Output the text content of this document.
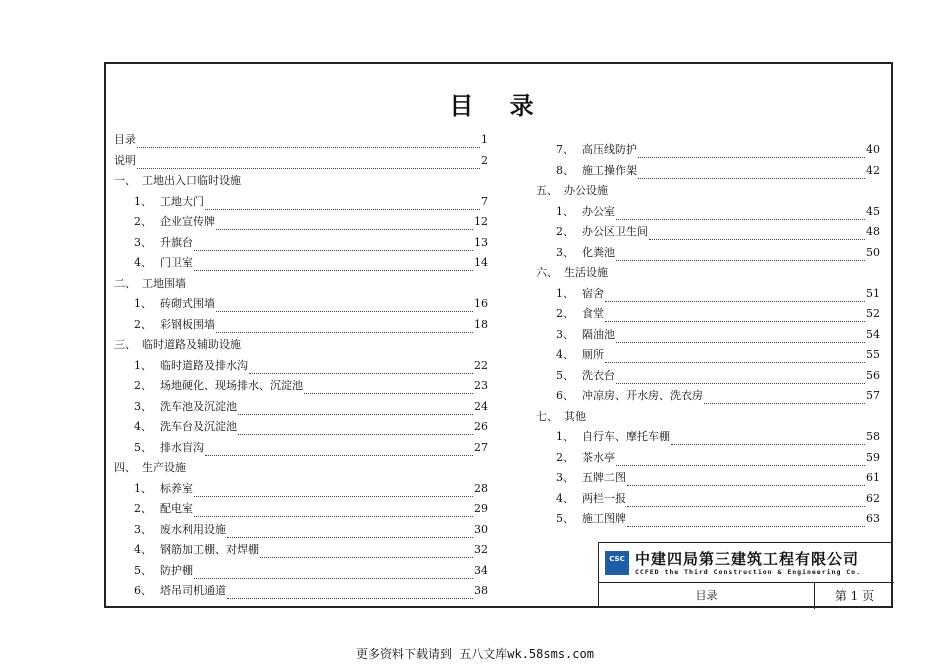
目 录
目录	1
说明	2
一、 工地出入口临时设施
1、 工地大门	7
2、 企业宣传牌	12
3、 升旗台	13
4、 门卫室	14
二、 工地围墙
1、 砖砌式围墙	16
2、 彩钢板围墙	18
三、 临时道路及辅助设施
1、 临时道路及排水沟	22
2、 场地硬化、现场排水、沉淀池	23
3、 洗车池及沉淀池	24
4、 洗车台及沉淀池	26
5、 排水盲沟	27
四、 生产设施
1、 标养室	28
2、 配电室	29
3、 废水利用设施	30
4、 钢筋加工棚、对焊棚	32
5、 防护棚	34
6、 塔吊司机通道	38
7、 高压线防护	40
8、 施工操作架	42
五、 办公设施
1、 办公室	45
2、 办公区卫生间	48
3、 化粪池	50
六、 生活设施
1、 宿舍	51
2、 食堂	52
3、 隔油池	54
4、 厕所	55
5、 洗衣台	56
6、 冲凉房、开水房、洗衣房	57
七、 其他
1、 自行车、摩托车棚	58
2、 茶水亭	59
3、 五牌二图	61
4、 两栏一报	62
5、 施工图牌	63
CSC 中建四局第三建筑工程有限公司
CCFED the Third Construction & Engineering Co.
目录	第 1 页
更多资料下载请到 五八文库wk.58sms.com
